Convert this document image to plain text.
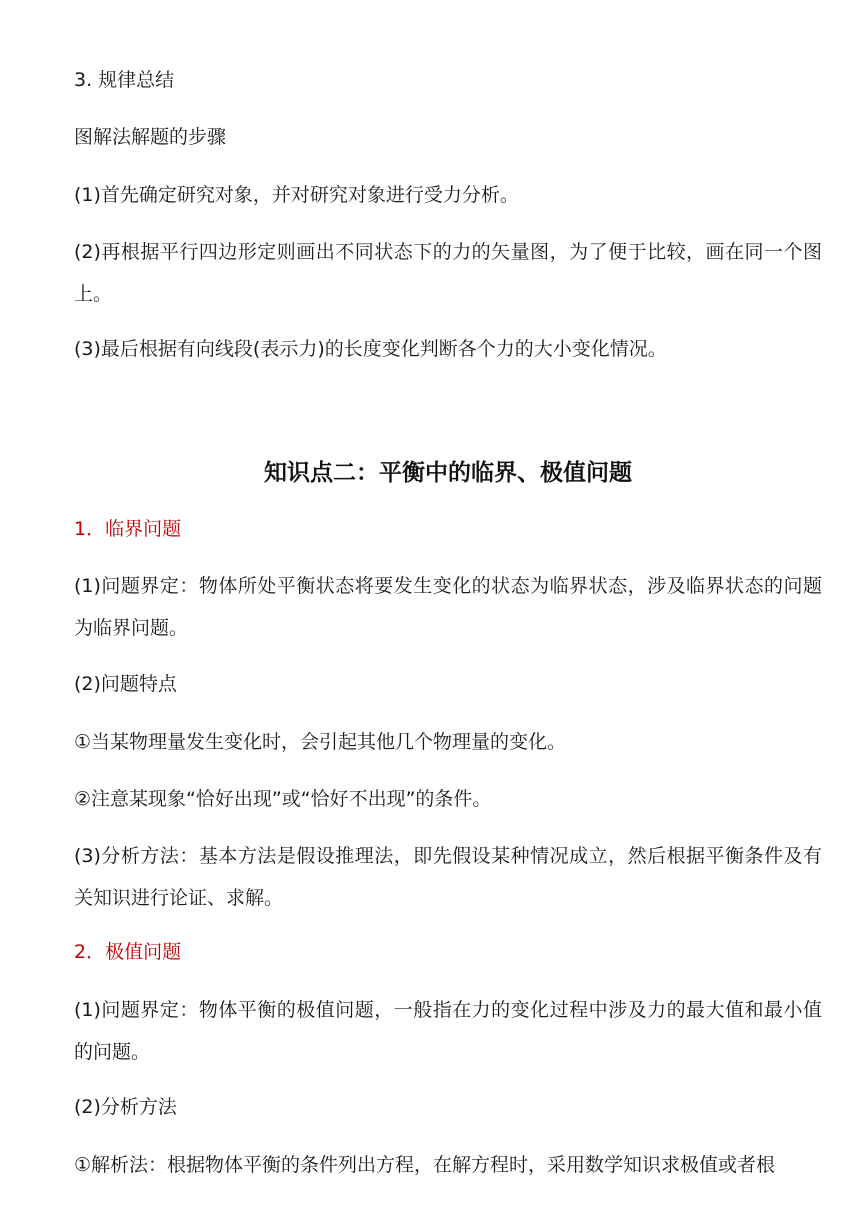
3. 规律总结

图解法解题的步骤

(1)首先确定研究对象，并对研究对象进行受力分析。

(2)再根据平行四边形定则画出不同状态下的力的矢量图，为了便于比较，画在同一个图上。

(3)最后根据有向线段(表示力)的长度变化判断各个力的大小变化情况。

知识点二：平衡中的临界、极值问题

1．临界问题

(1)问题界定：物体所处平衡状态将要发生变化的状态为临界状态，涉及临界状态的问题为临界问题。

(2)问题特点

①当某物理量发生变化时，会引起其他几个物理量的变化。

②注意某现象“恰好出现”或“恰好不出现”的条件。

(3)分析方法：基本方法是假设推理法，即先假设某种情况成立，然后根据平衡条件及有关知识进行论证、求解。

2．极值问题

(1)问题界定：物体平衡的极值问题，一般指在力的变化过程中涉及力的最大值和最小值的问题。

(2)分析方法

①解析法：根据物体平衡的条件列出方程，在解方程时，采用数学知识求极值或者根
